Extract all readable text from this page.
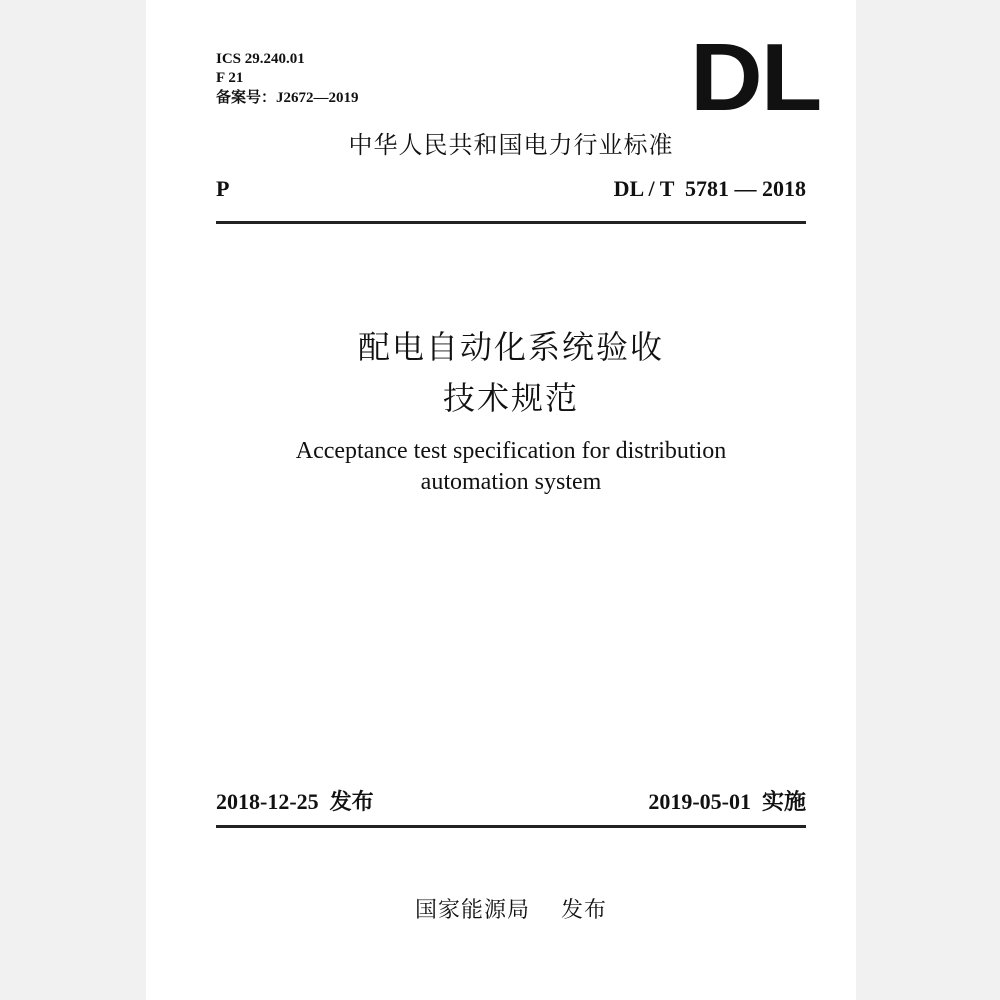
ICS 29.240.01
F 21
备案号：J2672—2019	DL
中华人民共和国电力行业标准
P	DL / T  5781 — 2018
配电自动化系统验收
技术规范
Acceptance test specification for distribution
automation system
2018-12-25  发布	2019-05-01  实施
国家能源局　 发布
